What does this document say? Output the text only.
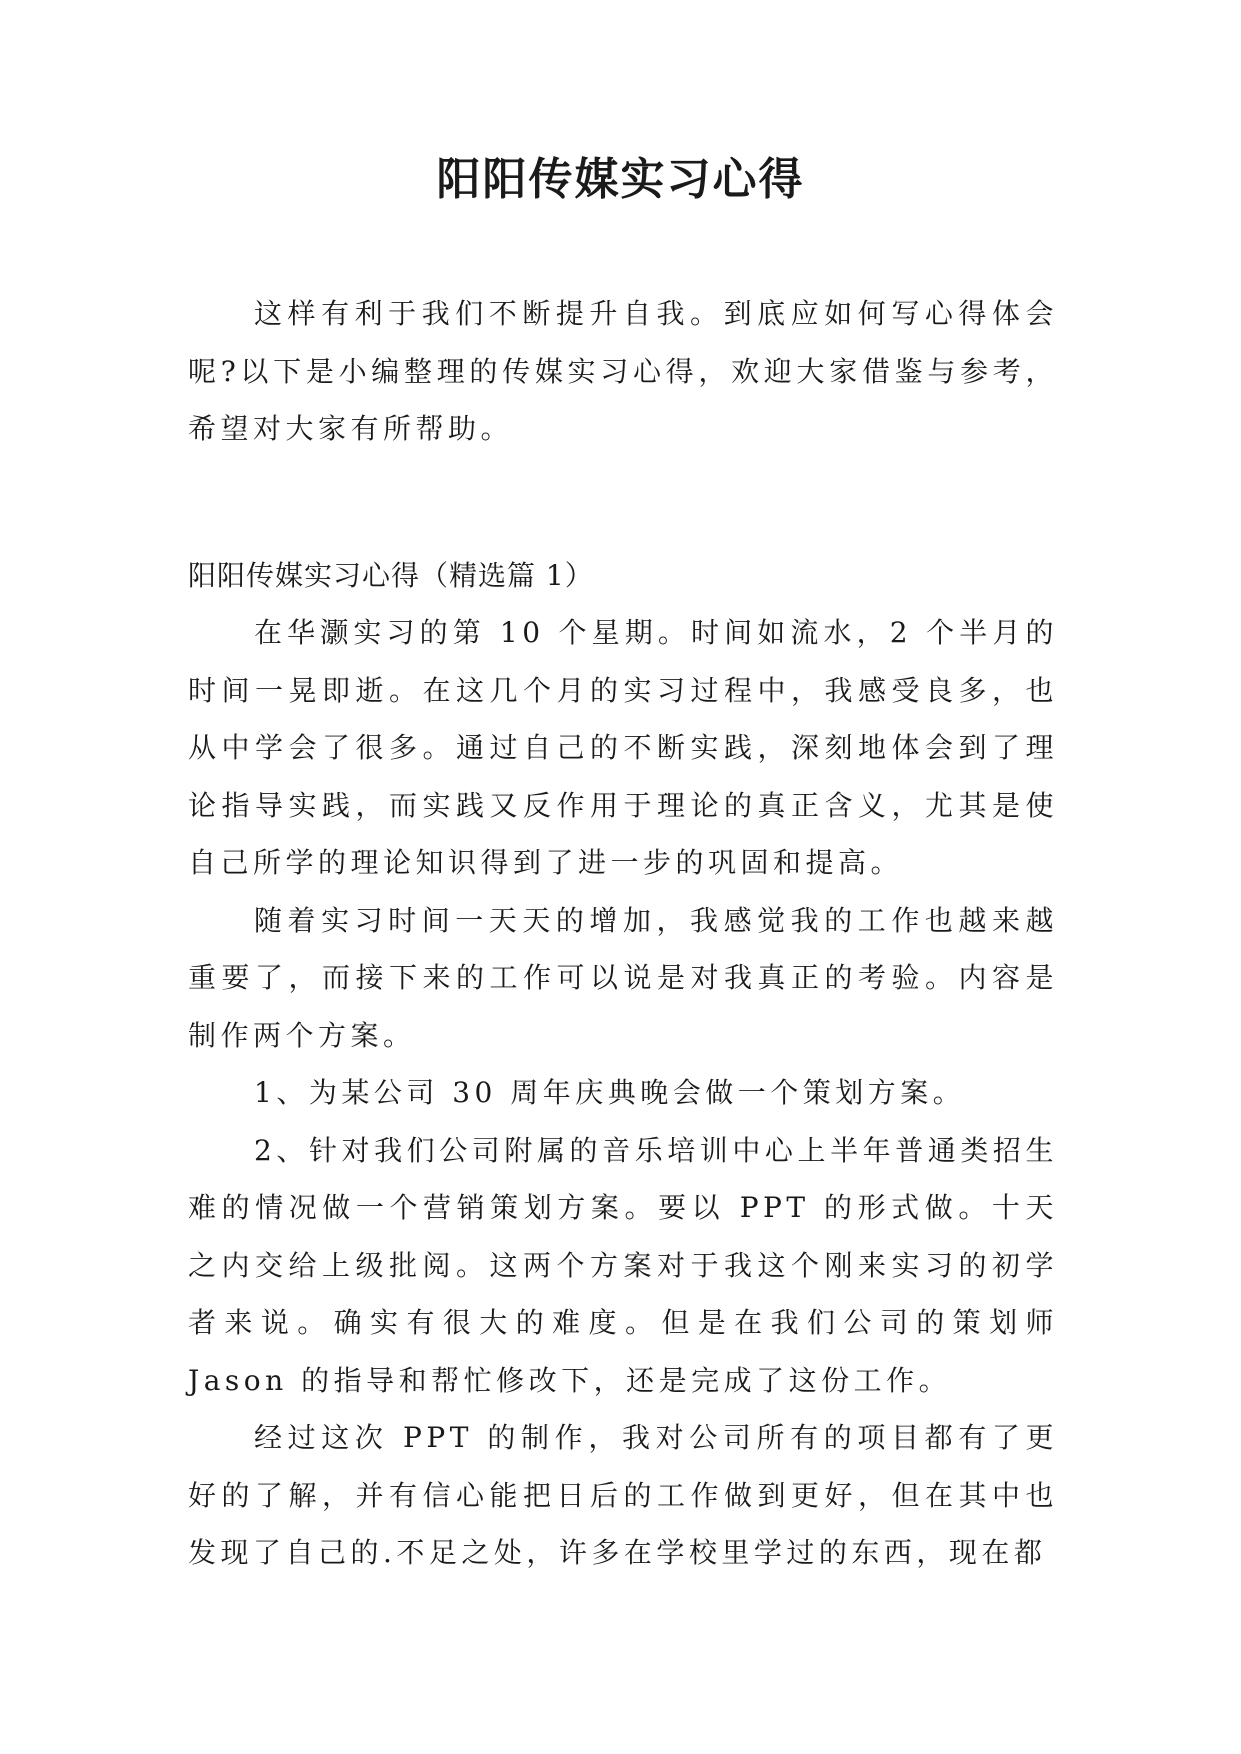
阳阳传媒实习心得

这样有利于我们不断提升自我。到底应如何写心得体会呢?以下是小编整理的传媒实习心得，欢迎大家借鉴与参考，希望对大家有所帮助。

阳阳传媒实习心得（精选篇 1）

在华灏实习的第 10 个星期。时间如流水，2 个半月的时间一晃即逝。在这几个月的实习过程中，我感受良多，也从中学会了很多。通过自己的不断实践，深刻地体会到了理论指导实践，而实践又反作用于理论的真正含义，尤其是使自己所学的理论知识得到了进一步的巩固和提高。

随着实习时间一天天的增加，我感觉我的工作也越来越重要了，而接下来的工作可以说是对我真正的考验。内容是制作两个方案。

1、为某公司 30 周年庆典晚会做一个策划方案。

2、针对我们公司附属的音乐培训中心上半年普通类招生难的情况做一个营销策划方案。要以 PPT 的形式做。十天之内交给上级批阅。这两个方案对于我这个刚来实习的初学者来说。确实有很大的难度。但是在我们公司的策划师 Jason 的指导和帮忙修改下，还是完成了这份工作。

经过这次 PPT 的制作，我对公司所有的项目都有了更好的了解，并有信心能把日后的工作做到更好，但在其中也发现了自己的.不足之处，许多在学校里学过的东西，现在都
